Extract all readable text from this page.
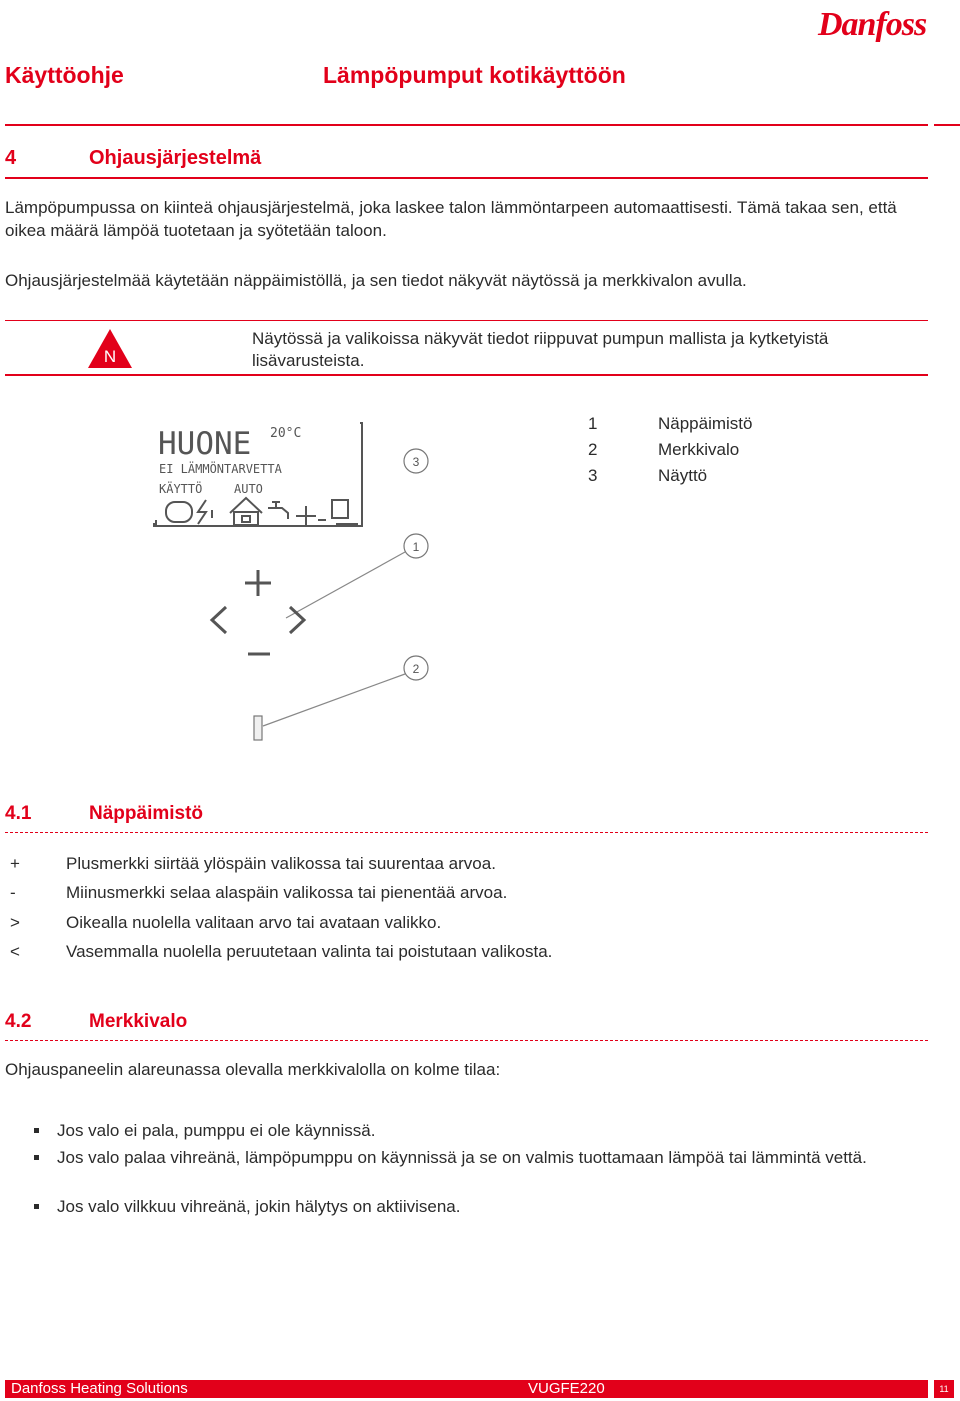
Danfoss
Käyttöohje	Lämpöpumput kotikäyttöön
4	Ohjausjärjestelmä
Lämpöpumpussa on kiinteä ohjausjärjestelmä, joka laskee talon lämmöntarpeen automaattisesti. Tämä takaa sen, että oikea määrä lämpöä tuotetaan ja syötetään taloon.
Ohjausjärjestelmää käytetään näppäimistöllä, ja sen tiedot näkyvät näytössä ja merkkivalon avulla.
N
Näytössä ja valikoissa näkyvät tiedot riippuvat pumpun mallista ja kytketyistä lisävarusteista.
HUONE 20°C
EI LÄMMÖNTARVETTA
KÄYTTÖ	AUTO
3
1
2
1	Näppäimistö
2	Merkkivalo
3	Näyttö
4.1	Näppäimistö
+	Plusmerkki siirtää ylöspäin valikossa tai suurentaa arvoa.
-	Miinusmerkki selaa alaspäin valikossa tai pienentää arvoa.
>	Oikealla nuolella valitaan arvo tai avataan valikko.
<	Vasemmalla nuolella peruutetaan valinta tai poistutaan valikosta.
4.2	Merkkivalo
Ohjauspaneelin alareunassa olevalla merkkivalolla on kolme tilaa:
Jos valo ei pala, pumppu ei ole käynnissä.
Jos valo palaa vihreänä, lämpöpumppu on käynnissä ja se on valmis tuottamaan lämpöä tai lämmintä vettä.
Jos valo vilkkuu vihreänä, jokin hälytys on aktiivisena.
Danfoss Heating Solutions	VUGFE220	11
